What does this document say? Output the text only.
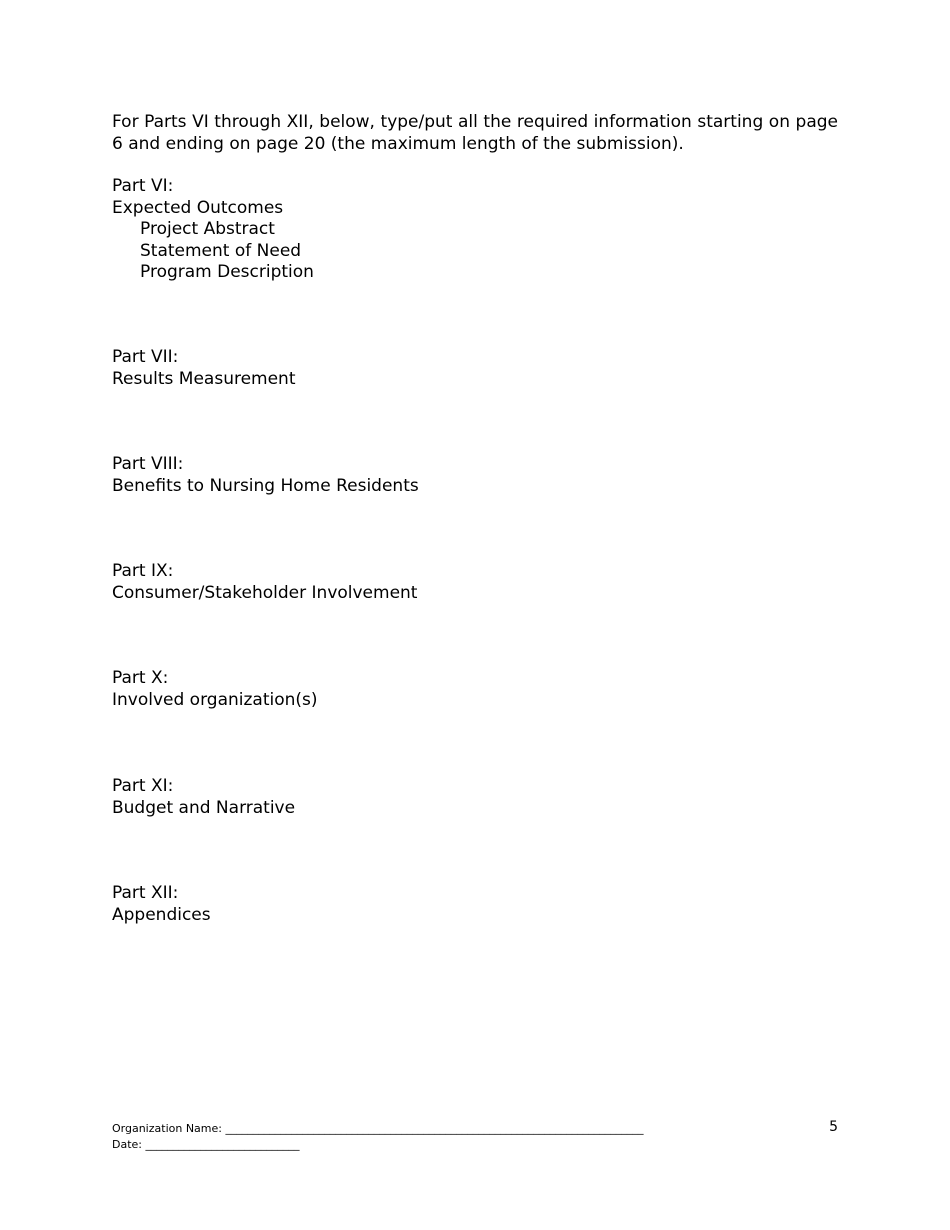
For Parts VI through XII, below, type/put all the required information starting on page 6 and ending on page 20 (the maximum length of the submission).

Part VI:
Expected Outcomes
Project Abstract
Statement of Need
Program Description
Part VII:
Results Measurement
Part VIII:
Benefits to Nursing Home Residents
Part IX:
Consumer/Stakeholder Involvement
Part X:
Involved organization(s)
Part XI:
Budget and Narrative
Part XII:
Appendices
Organization Name: ____________________________________________________________________________
Date: ____________________________
5
